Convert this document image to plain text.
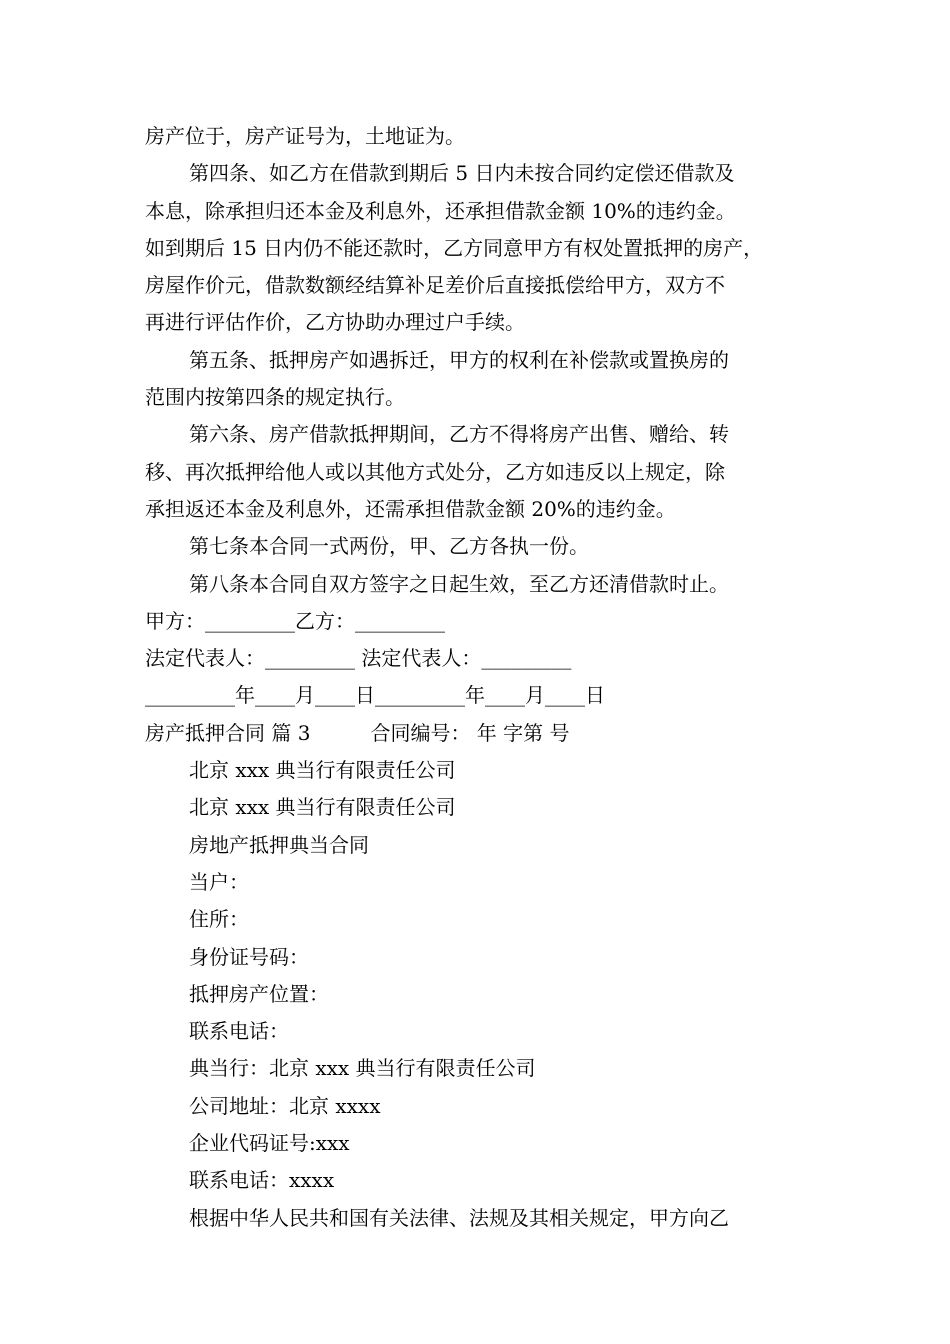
房产位于，房产证号为，土地证为。
第四条、如乙方在借款到期后 5 日内未按合同约定偿还借款及
本息，除承担归还本金及利息外，还承担借款金额 10%的违约金。
如到期后 15 日内仍不能还款时，乙方同意甲方有权处置抵押的房产，
房屋作价元，借款数额经结算补足差价后直接抵偿给甲方，双方不
再进行评估作价，乙方协助办理过户手续。
第五条、抵押房产如遇拆迁，甲方的权利在补偿款或置换房的
范围内按第四条的规定执行。
第六条、房产借款抵押期间，乙方不得将房产出售、赠给、转
移、再次抵押给他人或以其他方式处分，乙方如违反以上规定，除
承担返还本金及利息外，还需承担借款金额 20%的违约金。
第七条本合同一式两份，甲、乙方各执一份。
第八条本合同自双方签字之日起生效，至乙方还清借款时止。
甲方：_________乙方：_________
法定代表人：_________ 法定代表人：_________
_________年____月____日_________年____月____日
房产抵押合同 篇 3	合同编号： 年 字第 号
北京 xxx 典当行有限责任公司
北京 xxx 典当行有限责任公司
房地产抵押典当合同
当户：
住所：
身份证号码：
抵押房产位置：
联系电话：
典当行：北京 xxx 典当行有限责任公司
公司地址：北京 xxxx
企业代码证号:xxx
联系电话：xxxx
根据中华人民共和国有关法律、法规及其相关规定，甲方向乙
